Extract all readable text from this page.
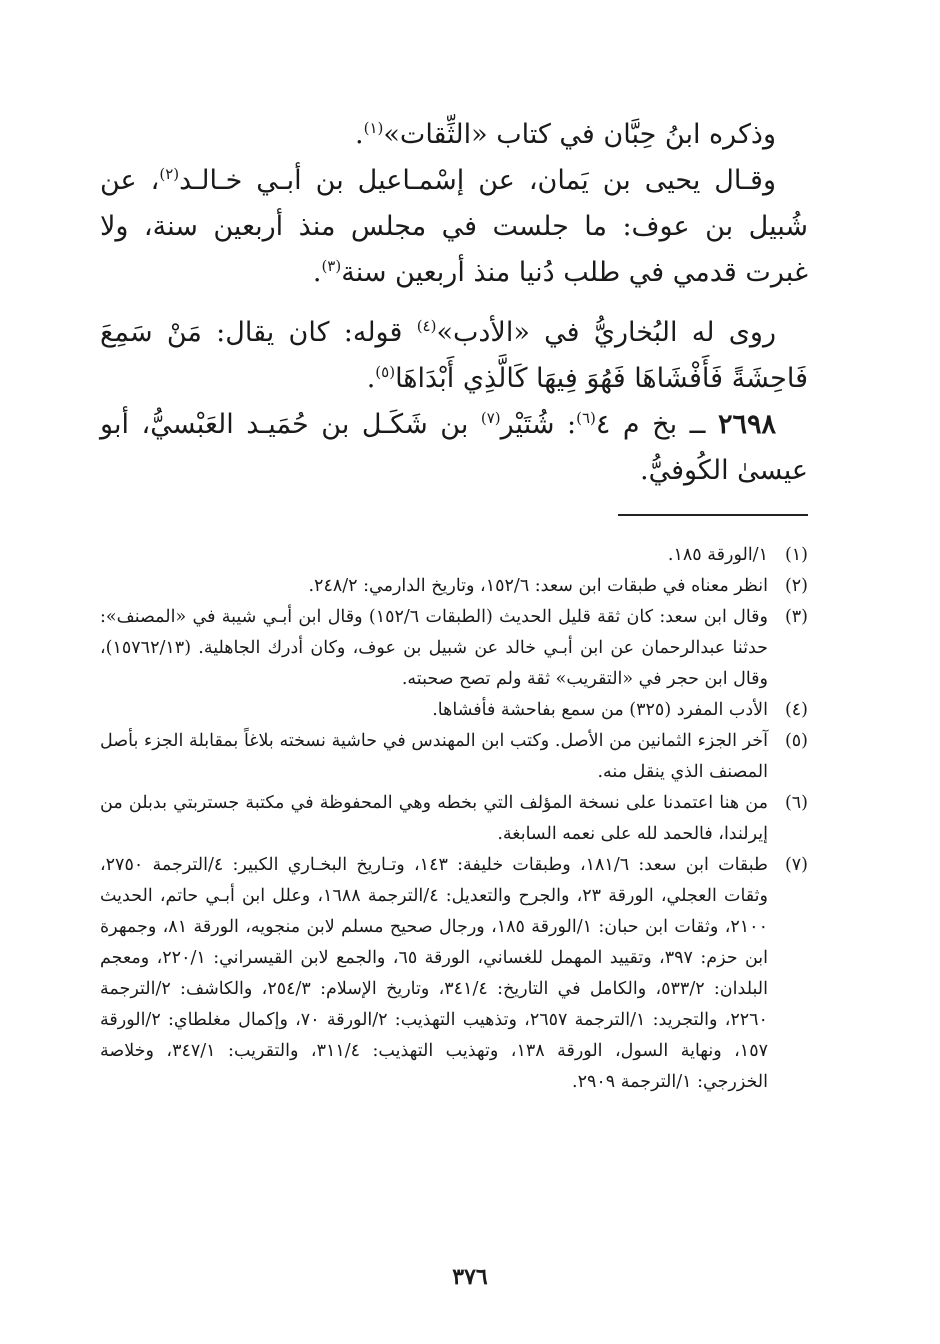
وذكره ابنُ حِبَّان في كتاب «الثِّقات»$^{(١)}$.

وقـال يحيى بن يَمان، عن إسْمـاعيل بن أبـي خـالـد$^{(٢)}$، عن شُبيل بن عوف: ما جلست في مجلس منذ أربعين سنة، ولا غبرت قدمي في طلب دُنيا منذ أربعين سنة$^{(٣)}$.

روى له البُخاريُّ في «الأدب»$^{(٤)}$ قوله: كان يقال: مَنْ سَمِعَ فَاحِشَةً فَأَفْشَاهَا فَهُوَ فِيهَا كَالَّذِي أَبْدَاهَا$^{(٥)}$.

٢٦٩٨ ــ بخ م ٤$^{(٦)}$: شُتَيْر$^{(٧)}$ بن شَكَـل بن حُمَيـد العَبْسيُّ، أبو عيسىٰ الكُوفيُّ.

(١)
١/الورقة ١٨٥.
(٢)
انظر معناه في طبقات ابن سعد: ١٥٢/٦، وتاريخ الدارمي: ٢٤٨/٢.
(٣)
وقال ابن سعد: كان ثقة قليل الحديث (الطبقات ١٥٢/٦) وقال ابن أبـي شيبة في «المصنف»: حدثنا عبدالرحمان عن ابن أبـي خالد عن شبيل بن عوف، وكان أدرك الجاهلية. (١٥٧٦٢/١٣)، وقال ابن حجر في «التقريب» ثقة ولم تصح صحبته.
(٤)
الأدب المفرد (٣٢٥) من سمع بفاحشة فأفشاها.
(٥)
آخر الجزء الثمانين من الأصل. وكتب ابن المهندس في حاشية نسخته بلاغاً بمقابلة الجزء بأصل المصنف الذي ينقل منه.
(٦)
من هنا اعتمدنا على نسخة المؤلف التي بخطه وهي المحفوظة في مكتبة جستربتي بدبلن من إيرلندا، فالحمد لله على نعمه السابغة.
(٧)
طبقات ابن سعد: ١٨١/٦، وطبقات خليفة: ١٤٣، وتـاريخ البخـاري الكبير: ٤/الترجمة ٢٧٥٠، وثقات العجلي، الورقة ٢٣، والجرح والتعديل: ٤/الترجمة ١٦٨٨، وعلل ابن أبـي حاتم، الحديث ٢١٠٠، وثقات ابن حبان: ١/الورقة ١٨٥، ورجال صحيح مسلم لابن منجويه، الورقة ٨١، وجمهرة ابن حزم: ٣٩٧، وتقييد المهمل للغساني، الورقة ٦٥، والجمع لابن القيسراني: ٢٢٠/١، ومعجم البلدان: ٥٣٣/٢، والكامل في التاريخ: ٣٤١/٤، وتاريخ الإسلام: ٢٥٤/٣، والكاشف: ٢/الترجمة ٢٢٦٠، والتجريد: ١/الترجمة ٢٦٥٧، وتذهيب التهذيب: ٢/الورقة ٧٠، وإكمال مغلطاي: ٢/الورقة ١٥٧، ونهاية السول، الورقة ١٣٨، وتهذيب التهذيب: ٣١١/٤، والتقريب: ٣٤٧/١، وخلاصة الخزرجي: ١/الترجمة ٢٩٠٩.
٣٧٦
